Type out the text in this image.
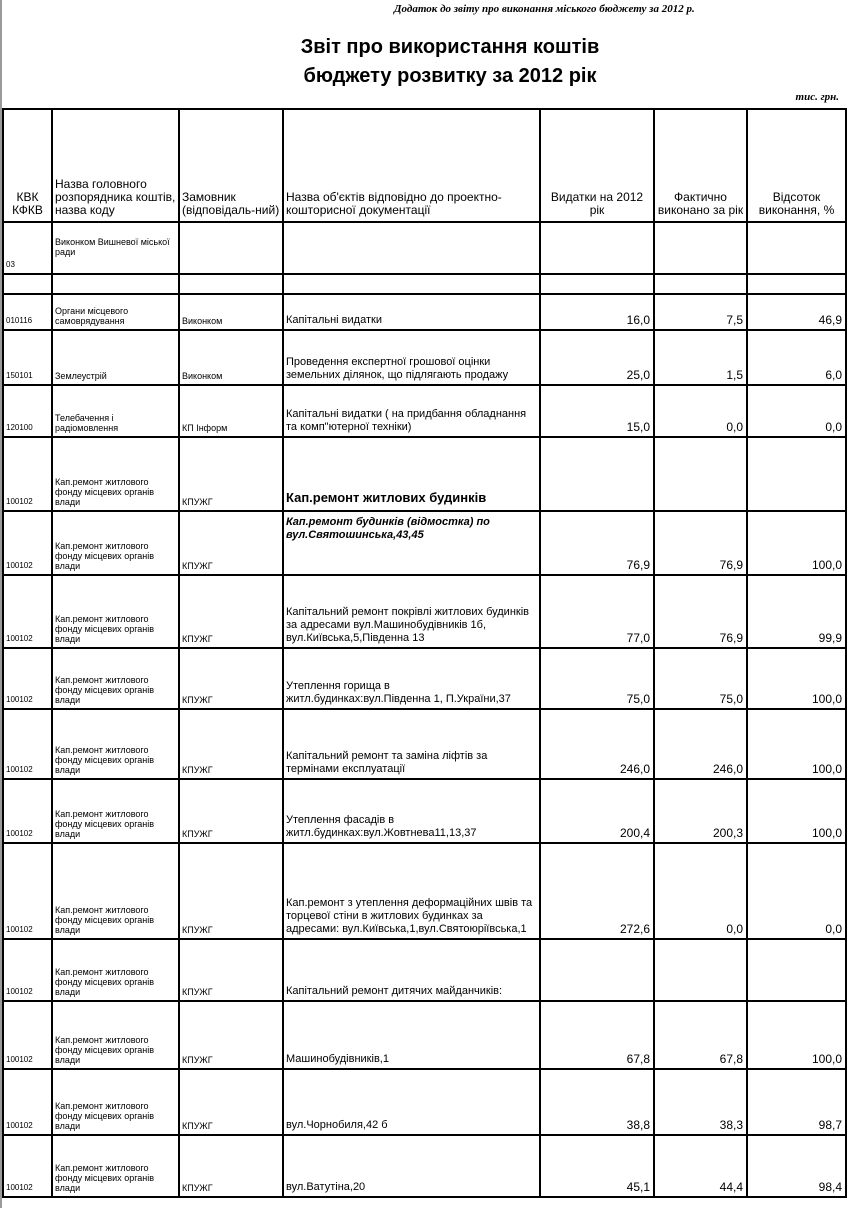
Додаток до звіту про виконання міського бюджету за 2012 р.
Звіт про використання коштів
бюджету розвитку за 2012 рік
тис. грн.
КВК КФКВ	Назва головного розпорядника коштів, назва коду	Замовник (відповідаль-ний)	Назва об'єктів відповідно до проектно-кошторисної документації	Видатки на 2012 рік	Фактично виконано за рік	Відсоток виконання, %
03	Виконком Вишневої міської ради					

010116	Органи місцевого самоврядування	Виконком	Капітальні видатки	16,0	7,5	46,9
150101	Землеустрій	Виконком	Проведення експертної грошової оцінки земельних ділянок, що підлягають продажу	25,0	1,5	6,0
120100	Телебачення і радіомовлення	КП Інформ	Капітальні видатки ( на придбання обладнання та комп"ютерної техніки)	15,0	0,0	0,0
100102	Кап.ремонт житлового фонду місцевих органів влади	КПУЖГ	Кап.ремонт житлових будинків			
100102	Кап.ремонт житлового фонду місцевих органів влади	КПУЖГ	Кап.ремонт будинків (відмостка) по вул.Святошинська,43,45	76,9	76,9	100,0
100102	Кап.ремонт житлового фонду місцевих органів влади	КПУЖГ	Капітальний ремонт покрівлі житлових будинків за адресами вул.Машинобудівників 1б, вул.Київська,5,Південна 13	77,0	76,9	99,9
100102	Кап.ремонт житлового фонду місцевих органів влади	КПУЖГ	Утеплення горища в житл.будинках:вул.Південна 1, П.України,37	75,0	75,0	100,0
100102	Кап.ремонт житлового фонду місцевих органів влади	КПУЖГ	Капітальний ремонт та заміна ліфтів за термінами експлуатації	246,0	246,0	100,0
100102	Кап.ремонт житлового фонду місцевих органів влади	КПУЖГ	Утеплення фасадів в житл.будинках:вул.Жовтнева11,13,37	200,4	200,3	100,0
100102	Кап.ремонт житлового фонду місцевих органів влади	КПУЖГ	Кап.ремонт з утеплення деформаційних швів та торцевої стіни в житлових будинках за адресами: вул.Київська,1,вул.Святоюріївська,1	272,6	0,0	0,0
100102	Кап.ремонт житлового фонду місцевих органів влади	КПУЖГ	Капітальний ремонт дитячих майданчиків:			
100102	Кап.ремонт житлового фонду місцевих органів влади	КПУЖГ	Машинобудівників,1	67,8	67,8	100,0
100102	Кап.ремонт житлового фонду місцевих органів влади	КПУЖГ	вул.Чорнобиля,42 б	38,8	38,3	98,7
100102	Кап.ремонт житлового фонду місцевих органів влади	КПУЖГ	вул.Ватутіна,20	45,1	44,4	98,4
